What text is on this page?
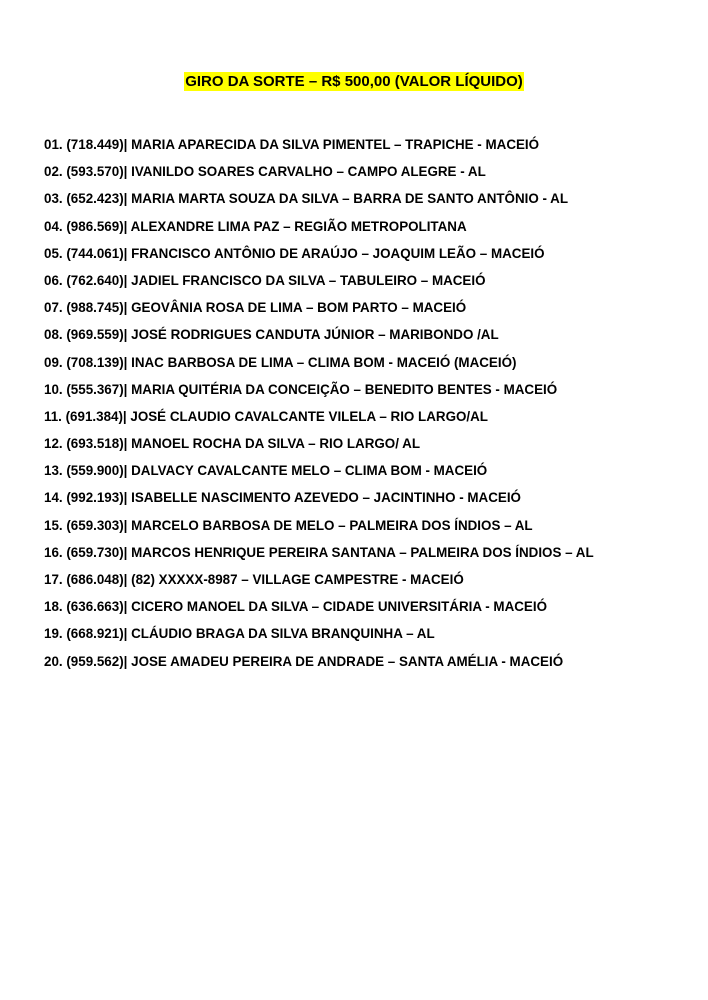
GIRO DA SORTE – R$ 500,00 (VALOR LÍQUIDO)
01. (718.449)| MARIA APARECIDA DA SILVA PIMENTEL – TRAPICHE - MACEIÓ
02. (593.570)| IVANILDO SOARES CARVALHO – CAMPO ALEGRE - AL
03. (652.423)| MARIA MARTA SOUZA DA SILVA – BARRA DE SANTO ANTÔNIO - AL
04. (986.569)| ALEXANDRE LIMA PAZ – REGIÃO METROPOLITANA
05. (744.061)| FRANCISCO ANTÔNIO DE ARAÚJO – JOAQUIM LEÃO – MACEIÓ
06. (762.640)| JADIEL FRANCISCO DA SILVA – TABULEIRO – MACEIÓ
07. (988.745)| GEOVÂNIA ROSA DE LIMA – BOM PARTO – MACEIÓ
08. (969.559)| JOSÉ RODRIGUES CANDUTA JÚNIOR – MARIBONDO /AL
09. (708.139)| INAC BARBOSA DE LIMA – CLIMA BOM - MACEIÓ (MACEIÓ)
10. (555.367)| MARIA QUITÉRIA DA CONCEIÇÃO – BENEDITO BENTES - MACEIÓ
11. (691.384)| JOSÉ CLAUDIO CAVALCANTE VILELA – RIO LARGO/AL
12. (693.518)| MANOEL ROCHA DA SILVA – RIO LARGO/ AL
13. (559.900)| DALVACY CAVALCANTE MELO – CLIMA BOM - MACEIÓ
14. (992.193)| ISABELLE NASCIMENTO AZEVEDO – JACINTINHO - MACEIÓ
15. (659.303)| MARCELO BARBOSA DE MELO – PALMEIRA DOS ÍNDIOS – AL
16. (659.730)| MARCOS HENRIQUE PEREIRA SANTANA – PALMEIRA DOS ÍNDIOS – AL
17. (686.048)| (82) XXXXX-8987 – VILLAGE CAMPESTRE - MACEIÓ
18. (636.663)| CICERO MANOEL DA SILVA – CIDADE UNIVERSITÁRIA - MACEIÓ
19. (668.921)| CLÁUDIO BRAGA DA SILVA BRANQUINHA – AL
20. (959.562)| JOSE AMADEU PEREIRA DE ANDRADE – SANTA AMÉLIA - MACEIÓ
